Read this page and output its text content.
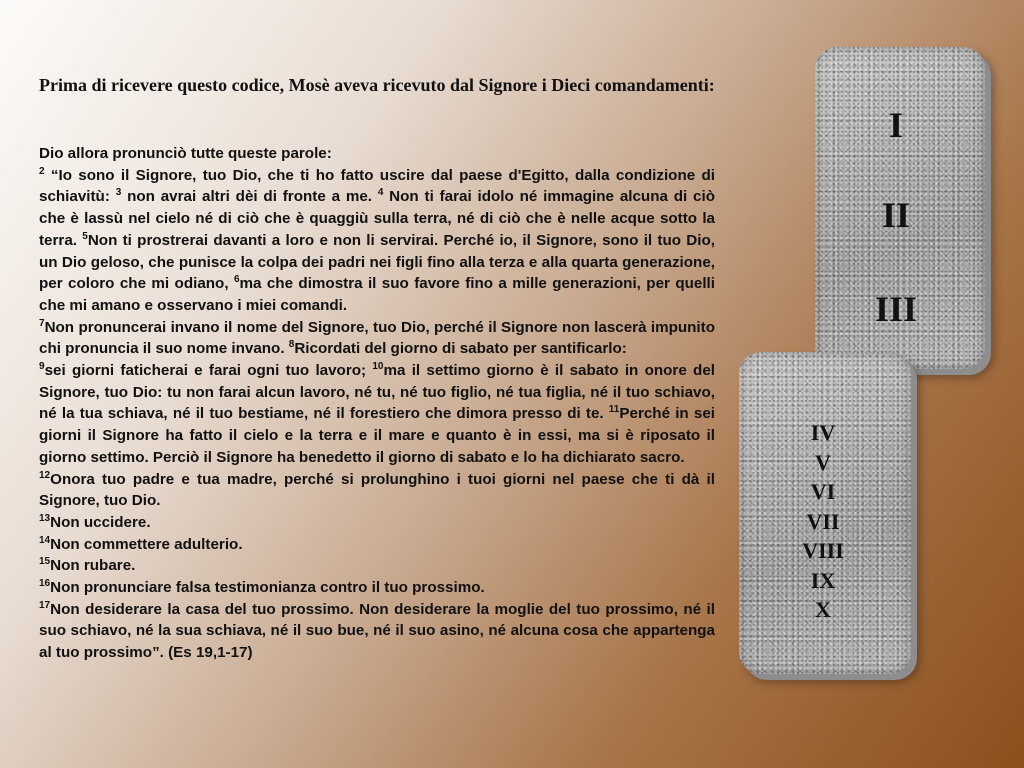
Prima di ricevere questo codice, Mosè aveva ricevuto dal Signore i Dieci comandamenti:

Dio allora pronunciò tutte queste parole:

$^2$ “Io sono il Signore, tuo Dio, che ti ho fatto uscire dal paese d'Egitto, dalla condizione di schiavitù: $^3$ non avrai altri dèi di fronte a me. $^4$ Non ti farai idolo né immagine alcuna di ciò che è lassù nel cielo né di ciò che è quaggiù sulla terra, né di ciò che è nelle acque sotto la terra. $^5$Non ti prostrerai davanti a loro e non li servirai. Perché io, il Signore, sono il tuo Dio, un Dio geloso, che punisce la colpa dei padri nei figli fino alla terza e alla quarta generazione, per coloro che mi odiano, $^6$ma che dimostra il suo favore fino a mille generazioni, per quelli che mi amano e osservano i miei comandi.

$^7$Non pronuncerai invano il nome del Signore, tuo Dio, perché il Signore non lascerà impunito chi pronuncia il suo nome invano. $^8$Ricordati del giorno di sabato per santificarlo:

$^9$sei giorni faticherai e farai ogni tuo lavoro; $^{10}$ma il settimo giorno è il sabato in onore del Signore, tuo Dio: tu non farai alcun lavoro, né tu, né tuo figlio, né tua figlia, né il tuo schiavo, né la tua schiava, né il tuo bestiame, né il forestiero che dimora presso di te. $^{11}$Perché in sei giorni il Signore ha fatto il cielo e la terra e il mare e quanto è in essi, ma si è riposato il giorno settimo. Perciò il Signore ha benedetto il giorno di sabato e lo ha dichiarato sacro.

$^{12}$Onora tuo padre e tua madre, perché si prolunghino i tuoi giorni nel paese che ti dà il Signore, tuo Dio.

$^{13}$Non uccidere.

$^{14}$Non commettere adulterio.

$^{15}$Non rubare.

$^{16}$Non pronunciare falsa testimonianza contro il tuo prossimo.

$^{17}$Non desiderare la casa del tuo prossimo. Non desiderare la moglie del tuo prossimo, né il suo schiavo, né la sua schiava, né il suo bue, né il suo asino, né alcuna cosa che appartenga al tuo prossimo”. (Es 19,1-17)

I
II
III
IV
V
VI
VII
VIII
IX
X
